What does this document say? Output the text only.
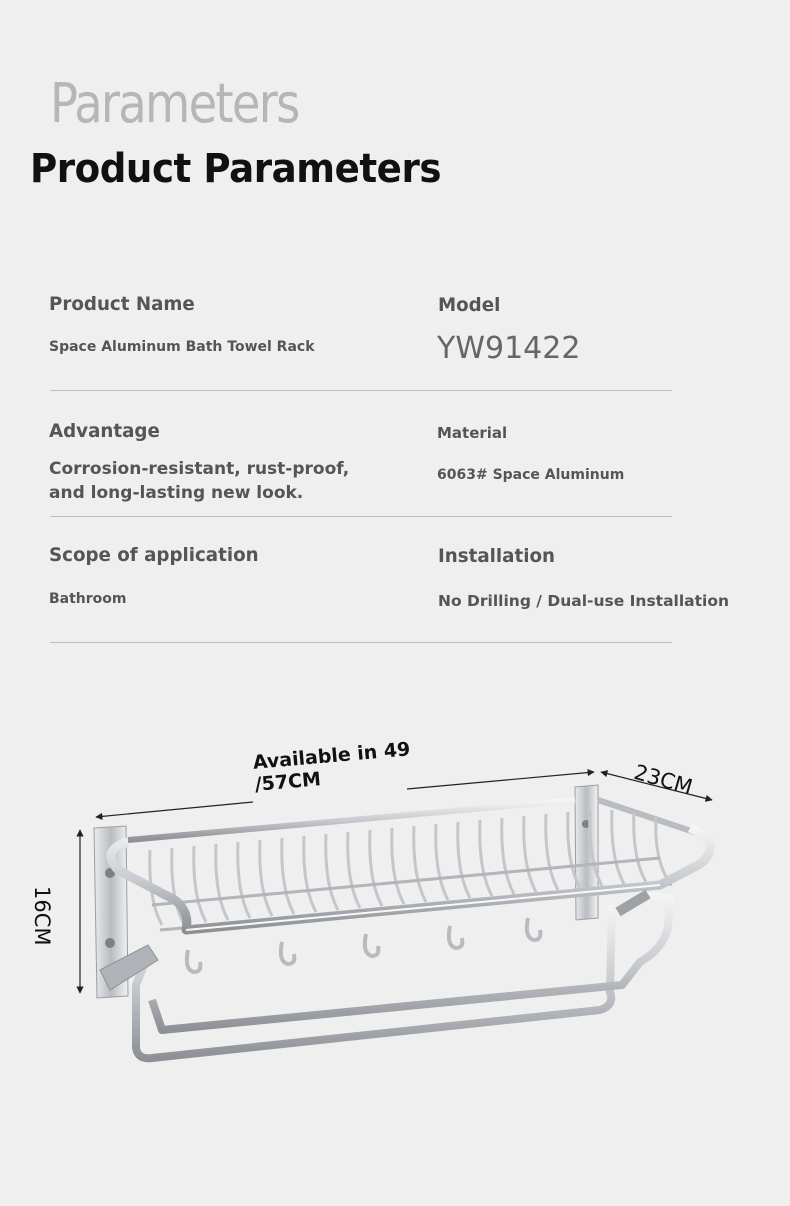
Parameters
Product Parameters
Product Name
Space Aluminum Bath Towel Rack
Model
YW91422
Advantage
Corrosion-resistant, rust-proof,
and long-lasting new look.
Material
6063# Space Aluminum
Scope of application
Bathroom
Installation
No Drilling / Dual-use Installation
Available in 49
/57CM	23CM
16CM
